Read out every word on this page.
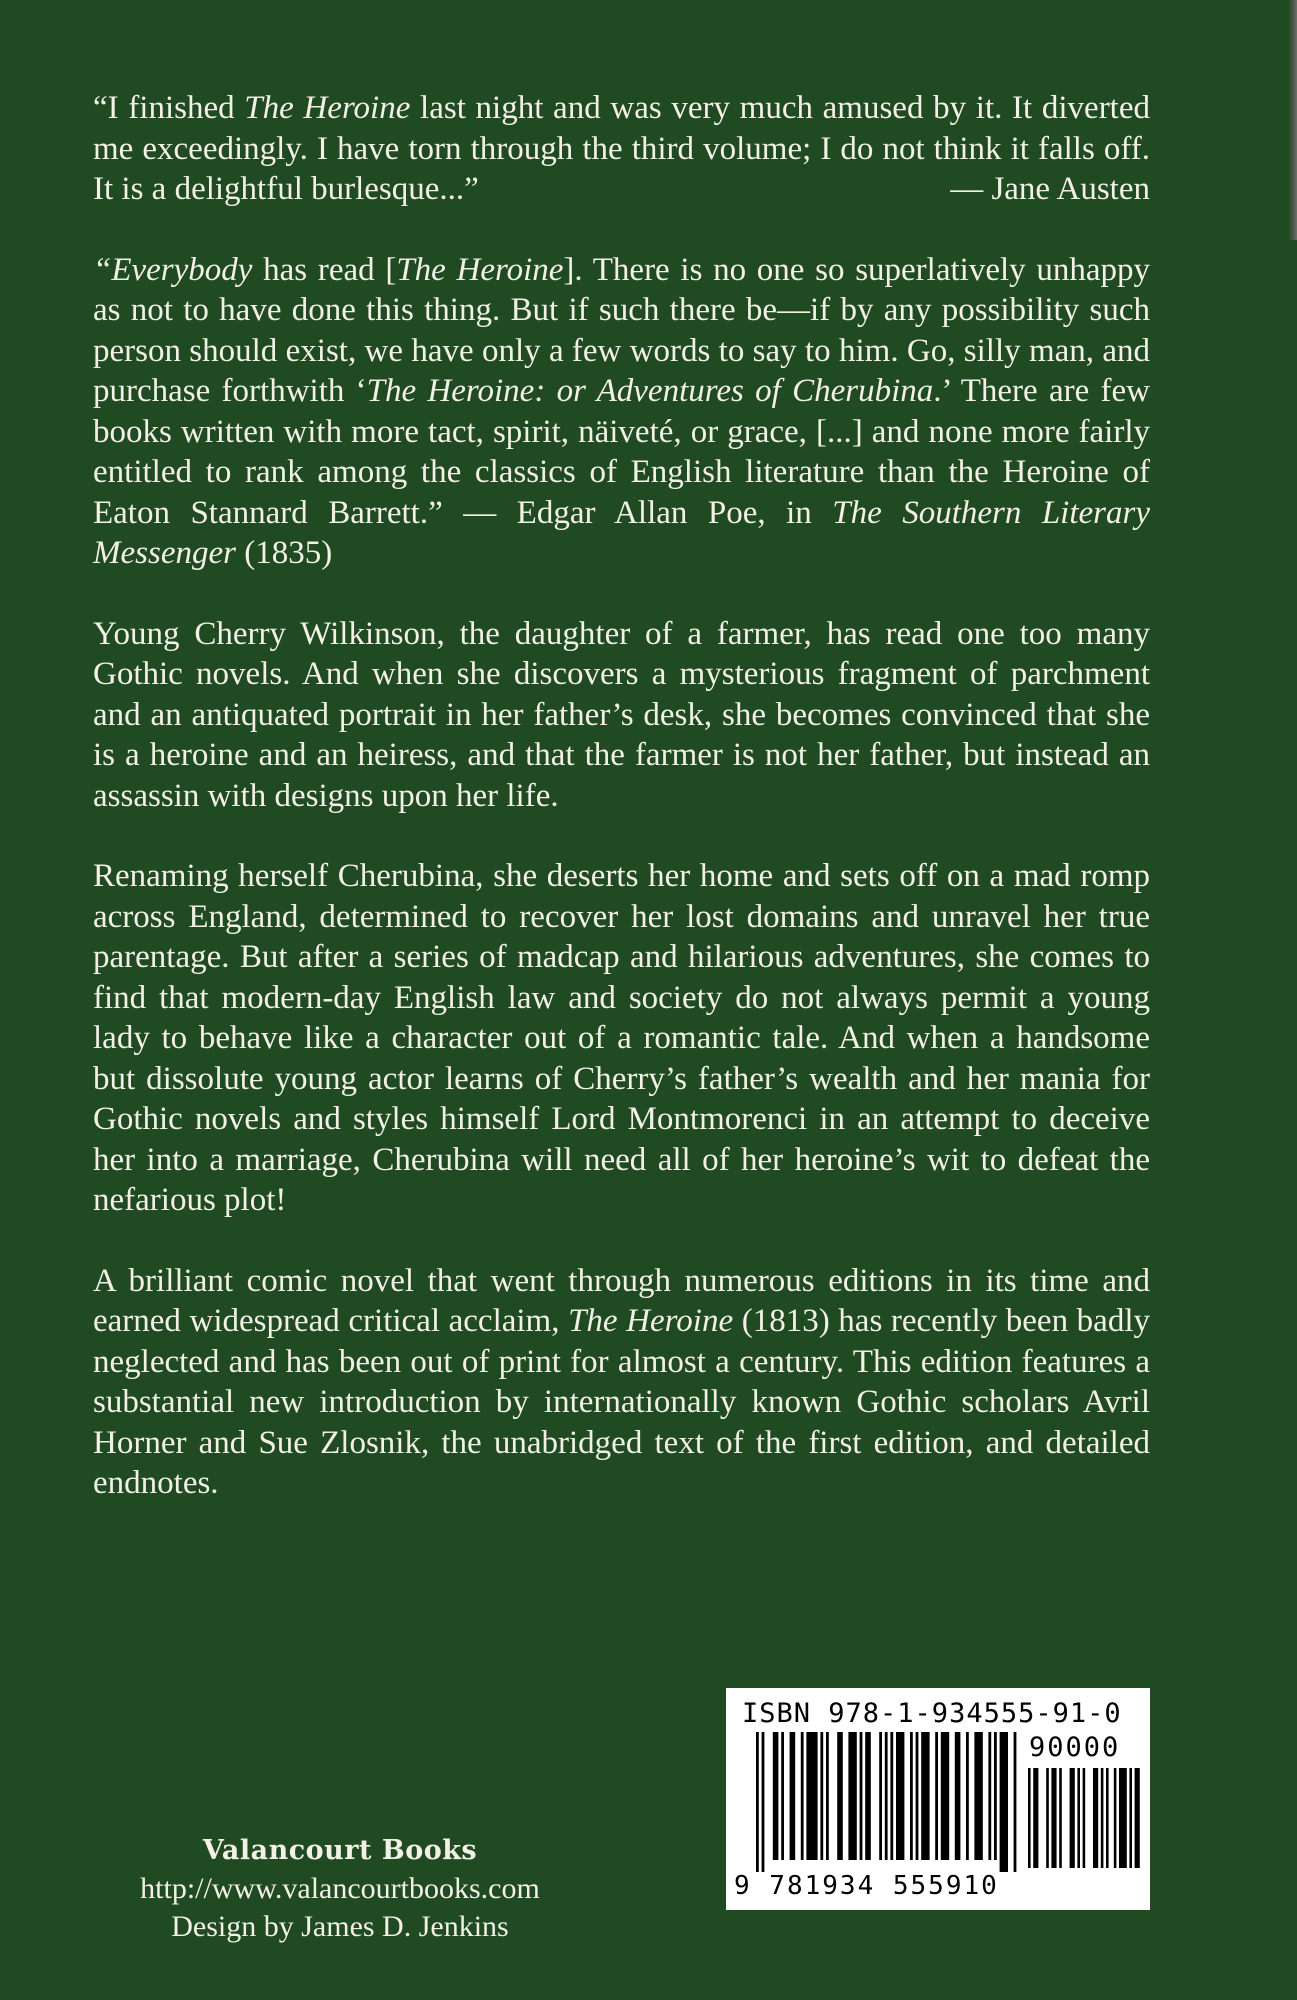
“I finished The Heroine last night and was very much amused by it. It diverted me exceedingly. I have torn through the third volume; I do not think it falls off. It is a delightful burlesque...”	— Jane Austen

“Everybody has read [The Heroine]. There is no one so superlatively unhappy as not to have done this thing. But if such there be—if by any possibility such person should exist, we have only a few words to say to him. Go, silly man, and purchase forthwith ‘The Heroine: or Adventures of Cherubina.’ There are few books written with more tact, spirit, näiveté, or grace, [...] and none more fairly entitled to rank among the classics of English literature than the Heroine of Eaton Stannard Barrett.” — Edgar Allan Poe, in The Southern Literary Messenger (1835)

Young Cherry Wilkinson, the daughter of a farmer, has read one too many Gothic novels. And when she discovers a mysterious fragment of parchment and an antiquated portrait in her father’s desk, she becomes convinced that she is a heroine and an heiress, and that the farmer is not her father, but instead an assassin with designs upon her life.

Renaming herself Cherubina, she deserts her home and sets off on a mad romp across England, determined to recover her lost domains and unravel her true parentage. But after a series of madcap and hilarious adventures, she comes to find that modern-day English law and society do not always permit a young lady to behave like a character out of a romantic tale. And when a handsome but dissolute young actor learns of Cherry’s father’s wealth and her mania for Gothic novels and styles himself Lord Montmorenci in an attempt to deceive her into a marriage, Cherubina will need all of her heroine’s wit to defeat the nefarious plot!

A brilliant comic novel that went through numerous editions in its time and earned widespread critical acclaim, The Heroine (1813) has recently been badly neglected and has been out of print for almost a century. This edition features a substantial new introduction by internationally known Gothic scholars Avril Horner and Sue Zlosnik, the unabridged text of the first edition, and detailed endnotes.

Valancourt Books
http://www.valancourtbooks.com
Design by James D. Jenkins
ISBN 978-1-934555-91-0
90000
9 781934 555910
